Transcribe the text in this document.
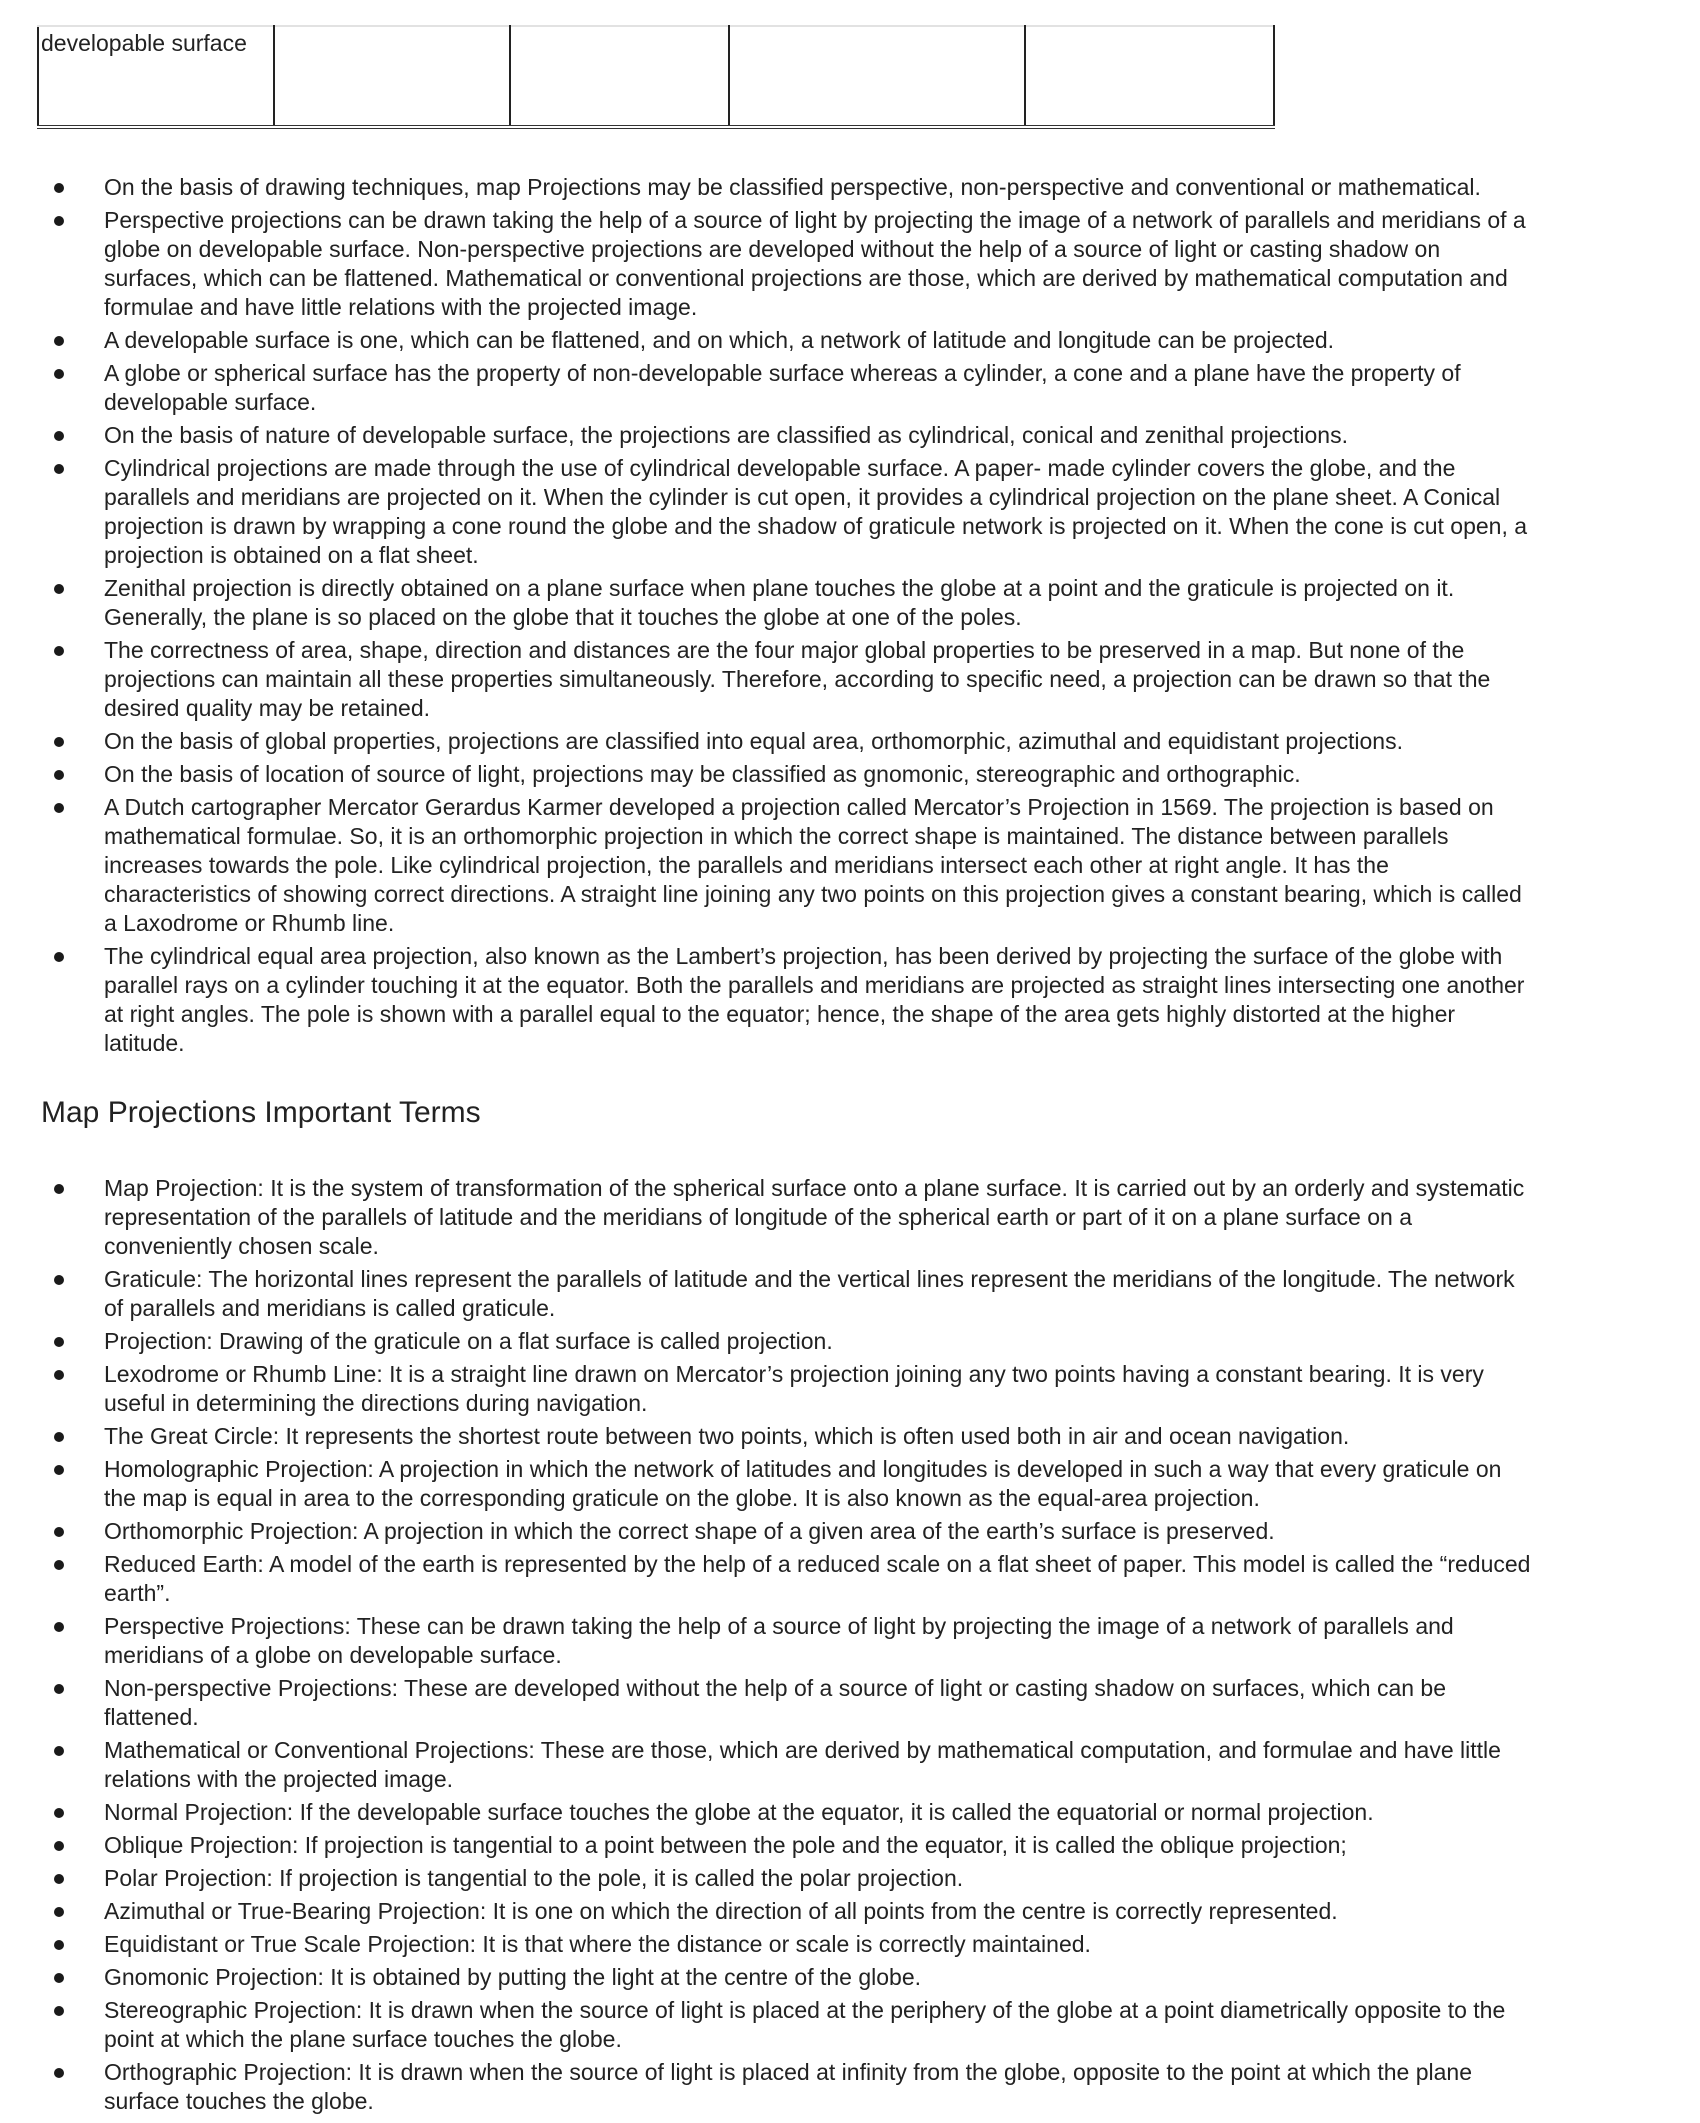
developable surface				
On the basis of drawing techniques, map Projections may be classified perspective, non-perspective and conventional or mathematical.
Perspective projections can be drawn taking the help of a source of light by projecting the image of a network of parallels and meridians of a
globe on developable surface. Non-perspective projections are developed without the help of a source of light or casting shadow on
surfaces, which can be flattened. Mathematical or conventional projections are those, which are derived by mathematical computation and
formulae and have little relations with the projected image.
A developable surface is one, which can be flattened, and on which, a network of latitude and longitude can be projected.
A globe or spherical surface has the property of non-developable surface whereas a cylinder, a cone and a plane have the property of
developable surface.
On the basis of nature of developable surface, the projections are classified as cylindrical, conical and zenithal projections.
Cylindrical projections are made through the use of cylindrical developable surface. A paper- made cylinder covers the globe, and the
parallels and meridians are projected on it. When the cylinder is cut open, it provides a cylindrical projection on the plane sheet. A Conical
projection is drawn by wrapping a cone round the globe and the shadow of graticule network is projected on it. When the cone is cut open, a
projection is obtained on a flat sheet.
Zenithal projection is directly obtained on a plane surface when plane touches the globe at a point and the graticule is projected on it.
Generally, the plane is so placed on the globe that it touches the globe at one of the poles.
The correctness of area, shape, direction and distances are the four major global properties to be preserved in a map. But none of the
projections can maintain all these properties simultaneously. Therefore, according to specific need, a projection can be drawn so that the
desired quality may be retained.
On the basis of global properties, projections are classified into equal area, orthomorphic, azimuthal and equidistant projections.
On the basis of location of source of light, projections may be classified as gnomonic, stereographic and orthographic.
A Dutch cartographer Mercator Gerardus Karmer developed a projection called Mercator’s Projection in 1569. The projection is based on
mathematical formulae. So, it is an orthomorphic projection in which the correct shape is maintained. The distance between parallels
increases towards the pole. Like cylindrical projection, the parallels and meridians intersect each other at right angle. It has the
characteristics of showing correct directions. A straight line joining any two points on this projection gives a constant bearing, which is called
a Laxodrome or Rhumb line.
The cylindrical equal area projection, also known as the Lambert’s projection, has been derived by projecting the surface of the globe with
parallel rays on a cylinder touching it at the equator. Both the parallels and meridians are projected as straight lines intersecting one another
at right angles. The pole is shown with a parallel equal to the equator; hence, the shape of the area gets highly distorted at the higher
latitude.
Map Projections Important Terms
Map Projection: It is the system of transformation of the spherical surface onto a plane surface. It is carried out by an orderly and systematic
representation of the parallels of latitude and the meridians of longitude of the spherical earth or part of it on a plane surface on a
conveniently chosen scale.
Graticule: The horizontal lines represent the parallels of latitude and the vertical lines represent the meridians of the longitude. The network
of parallels and meridians is called graticule.
Projection: Drawing of the graticule on a flat surface is called projection.
Lexodrome or Rhumb Line: It is a straight line drawn on Mercator’s projection joining any two points having a constant bearing. It is very
useful in determining the directions during navigation.
The Great Circle: It represents the shortest route between two points, which is often used both in air and ocean navigation.
Homolographic Projection: A projection in which the network of latitudes and longitudes is developed in such a way that every graticule on
the map is equal in area to the corresponding graticule on the globe. It is also known as the equal-area projection.
Orthomorphic Projection: A projection in which the correct shape of a given area of the earth’s surface is preserved.
Reduced Earth: A model of the earth is represented by the help of a reduced scale on a flat sheet of paper. This model is called the “reduced
earth”.
Perspective Projections: These can be drawn taking the help of a source of light by projecting the image of a network of parallels and
meridians of a globe on developable surface.
Non-perspective Projections: These are developed without the help of a source of light or casting shadow on surfaces, which can be
flattened.
Mathematical or Conventional Projections: These are those, which are derived by mathematical computation, and formulae and have little
relations with the projected image.
Normal Projection: If the developable surface touches the globe at the equator, it is called the equatorial or normal projection.
Oblique Projection: If projection is tangential to a point between the pole and the equator, it is called the oblique projection;
Polar Projection: If projection is tangential to the pole, it is called the polar projection.
Azimuthal or True-Bearing Projection: It is one on which the direction of all points from the centre is correctly represented.
Equidistant or True Scale Projection: It is that where the distance or scale is correctly maintained.
Gnomonic Projection: It is obtained by putting the light at the centre of the globe.
Stereographic Projection: It is drawn when the source of light is placed at the periphery of the globe at a point diametrically opposite to the
point at which the plane surface touches the globe.
Orthographic Projection: It is drawn when the source of light is placed at infinity from the globe, opposite to the point at which the plane
surface touches the globe.
